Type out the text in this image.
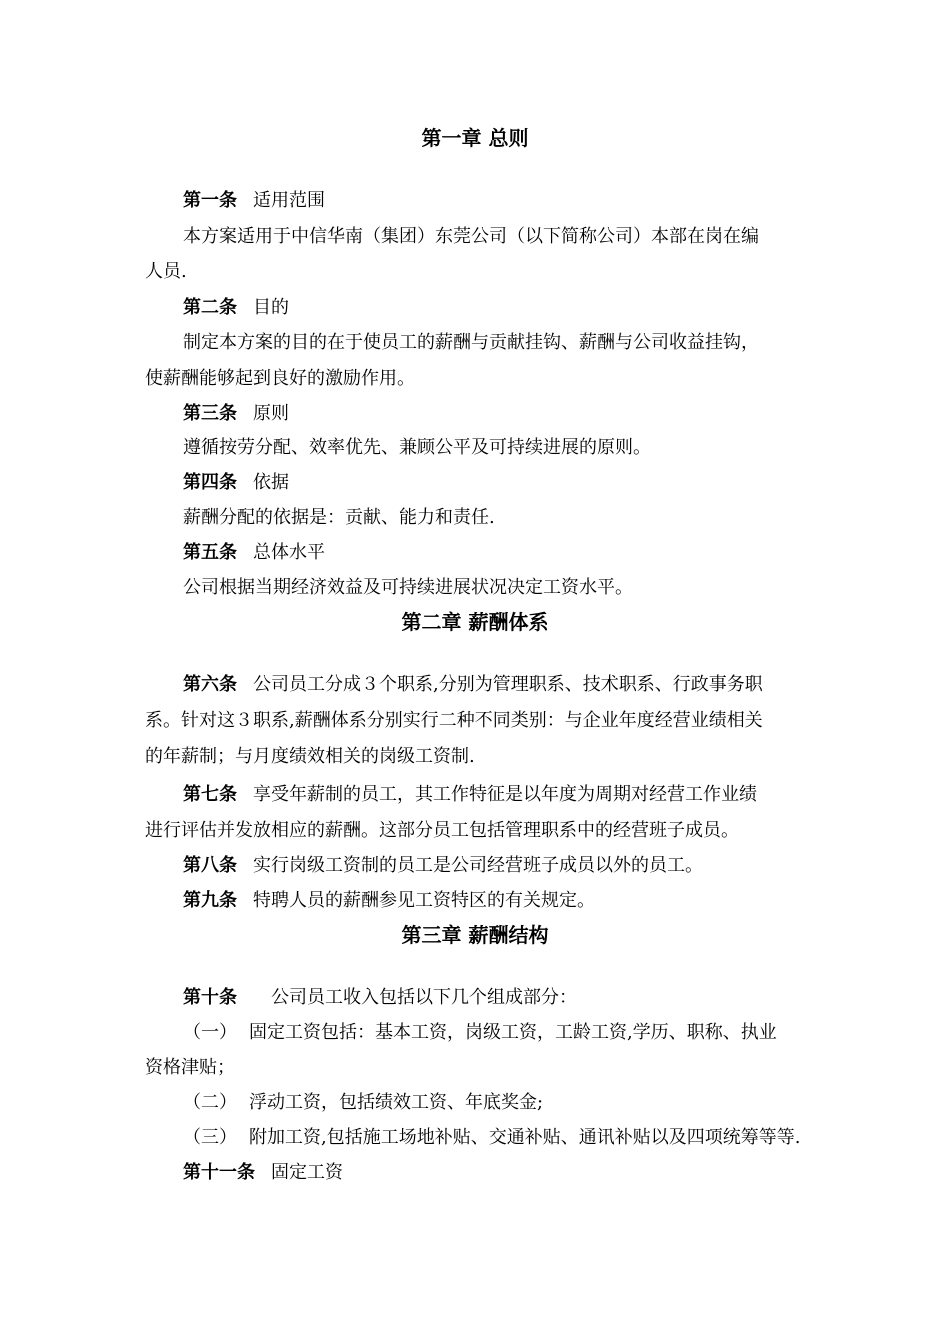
第一章 总则
第一条 适用范围
本方案适用于中信华南（集团）东莞公司（以下简称公司）本部在岗在编
人员.
第二条 目的
制定本方案的目的在于使员工的薪酬与贡献挂钩、薪酬与公司收益挂钩，
使薪酬能够起到良好的激励作用。
第三条 原则
遵循按劳分配、效率优先、兼顾公平及可持续进展的原则。
第四条 依据
薪酬分配的依据是：贡献、能力和责任.
第五条 总体水平
公司根据当期经济效益及可持续进展状况决定工资水平。
第二章 薪酬体系
第六条 公司员工分成３个职系,分别为管理职系、技术职系、行政事务职
系。针对这３职系,薪酬体系分别实行二种不同类别：与企业年度经营业绩相关
的年薪制；与月度绩效相关的岗级工资制.
第七条 享受年薪制的员工，其工作特征是以年度为周期对经营工作业绩
进行评估并发放相应的薪酬。这部分员工包括管理职系中的经营班子成员。
第八条 实行岗级工资制的员工是公司经营班子成员以外的员工。
第九条 特聘人员的薪酬参见工资特区的有关规定。
第三章 薪酬结构
第十条 公司员工收入包括以下几个组成部分：
（一） 固定工资包括：基本工资，岗级工资，工龄工资,学历、职称、执业
资格津贴；
（二） 浮动工资，包括绩效工资、年底奖金;
（三） 附加工资,包括施工场地补贴、交通补贴、通讯补贴以及四项统筹等等.
第十一条 固定工资
